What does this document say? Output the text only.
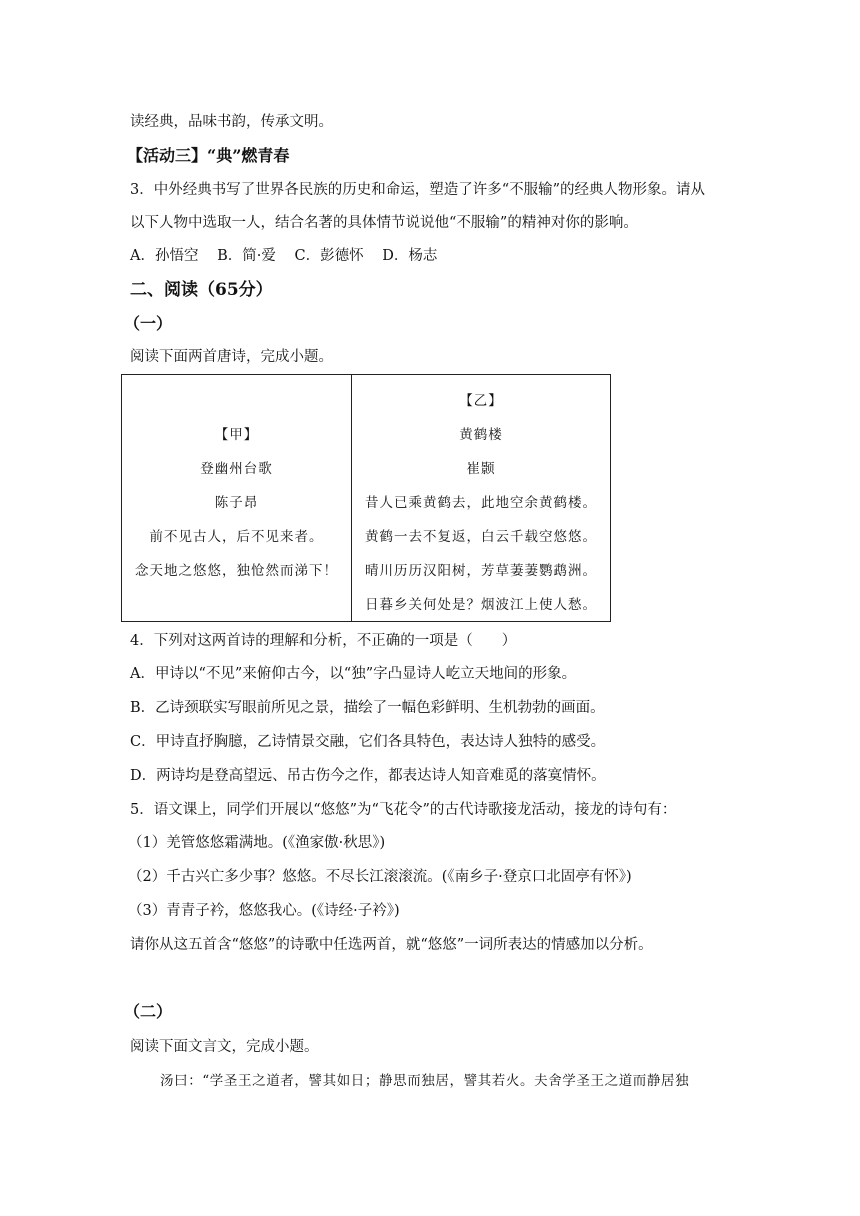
读经典，品味书韵，传承文明。
【活动三】“典”燃青春
3．中外经典书写了世界各民族的历史和命运，塑造了许多“不服输”的经典人物形象。请从
以下人物中选取一人，结合名著的具体情节说说他“不服输”的精神对你的影响。
A．孙悟空 B．简·爱 C．彭德怀 D．杨志
二、阅读（65分）
（一）
阅读下面两首唐诗，完成小题。
【甲】
登幽州台歌
陈子昂
前不见古人，后不见来者。
念天地之悠悠，独怆然而涕下！
【乙】
黄鹤楼
崔颢
昔人已乘黄鹤去，此地空余黄鹤楼。
黄鹤一去不复返，白云千载空悠悠。
晴川历历汉阳树，芳草萋萋鹦鹉洲。
日暮乡关何处是？烟波江上使人愁。
4．下列对这两首诗的理解和分析，不正确的一项是（　　）
A．甲诗以“不见”来俯仰古今，以“独”字凸显诗人屹立天地间的形象。
B．乙诗颈联实写眼前所见之景，描绘了一幅色彩鲜明、生机勃勃的画面。
C．甲诗直抒胸臆，乙诗情景交融，它们各具特色，表达诗人独特的感受。
D．两诗均是登高望远、吊古伤今之作，都表达诗人知音难觅的落寞情怀。
5．语文课上，同学们开展以“悠悠”为“飞花令”的古代诗歌接龙活动，接龙的诗句有：
（1）羌管悠悠霜满地。(《渔家傲·秋思》)
（2）千古兴亡多少事？悠悠。不尽长江滚滚流。(《南乡子·登京口北固亭有怀》)
（3）青青子衿，悠悠我心。(《诗经·子衿》)
请你从这五首含“悠悠”的诗歌中任选两首，就“悠悠”一词所表达的情感加以分析。
（二）
阅读下面文言文，完成小题。
汤曰：“学圣王之道者，譬其如日；静思而独居，譬其若火。夫舍学圣王之道而静居独
